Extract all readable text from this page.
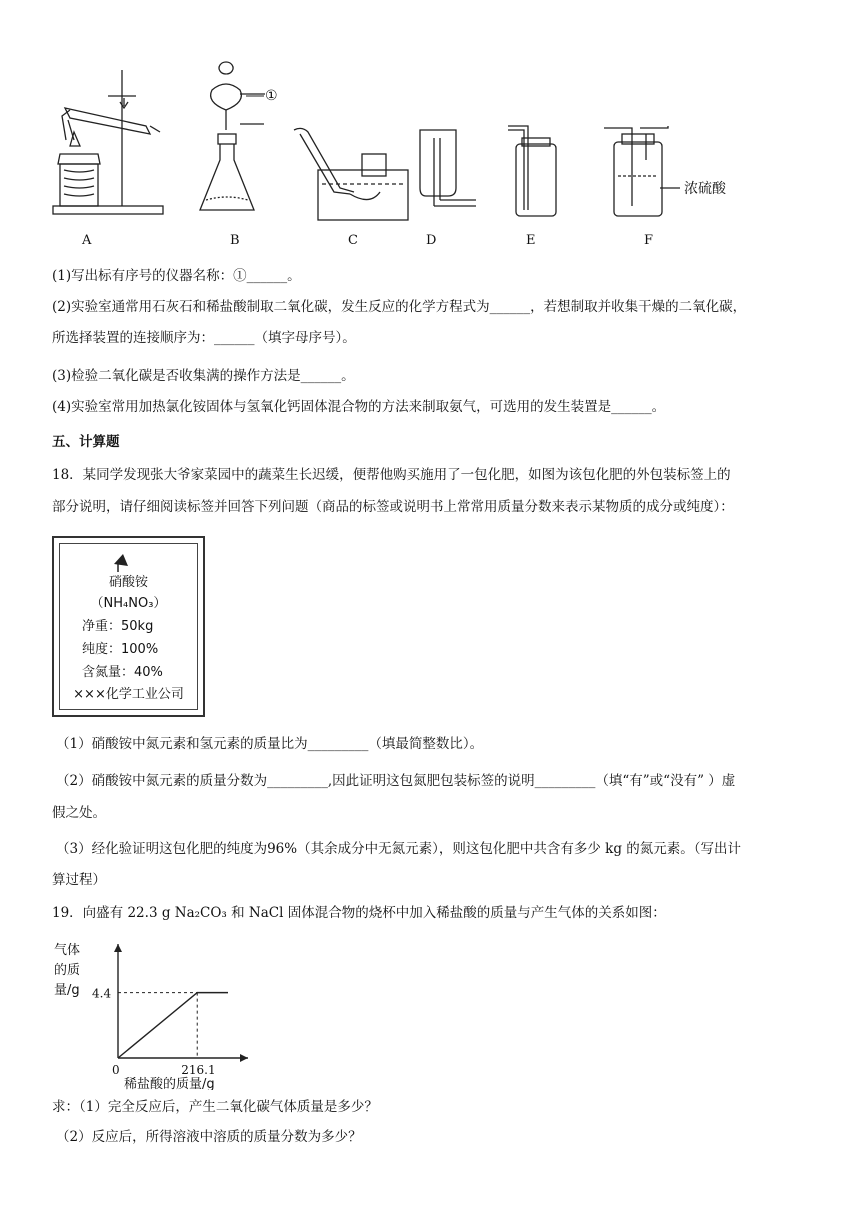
①
浓硫酸
A	B	C	D	E	F
(1)写出标有序号的仪器名称：①______。
(2)实验室通常用石灰石和稀盐酸制取二氧化碳，发生反应的化学方程式为______，若想制取并收集干燥的二氧化碳，
所选择装置的连接顺序为：______（填字母序号）。
(3)检验二氧化碳是否收集满的操作方法是______。
(4)实验室常用加热氯化铵固体与氢氧化钙固体混合物的方法来制取氨气，可选用的发生装置是______。
五、计算题
18．某同学发现张大爷家菜园中的蔬菜生长迟缓，便帮他购买施用了一包化肥，如图为该包化肥的外包装标签上的
部分说明，请仔细阅读标签并回答下列问题（商品的标签或说明书上常常用质量分数来表示某物质的成分或纯度）：
硝酸铵
（NH₄NO₃）
净重：50kg
纯度：100%
含氮量：40%
×××化学工业公司
（1）硝酸铵中氮元素和氢元素的质量比为_________（填最简整数比）。
（2）硝酸铵中氮元素的质量分数为_________,因此证明这包氮肥包装标签的说明_________（填“有”或“没有” ）虚
假之处。
（3）经化验证明这包化肥的纯度为96%（其余成分中无氮元素），则这包化肥中共含有多少 kg 的氮元素。（写出计
算过程）
19．向盛有 22.3 g Na₂CO₃ 和 NaCl 固体混合物的烧杯中加入稀盐酸的质量与产生气体的关系如图：
4.4
0	216.1
稀盐酸的质量/g
气体
的质
量/g
求：（1）完全反应后，产生二氧化碳气体质量是多少？
（2）反应后，所得溶液中溶质的质量分数为多少？
